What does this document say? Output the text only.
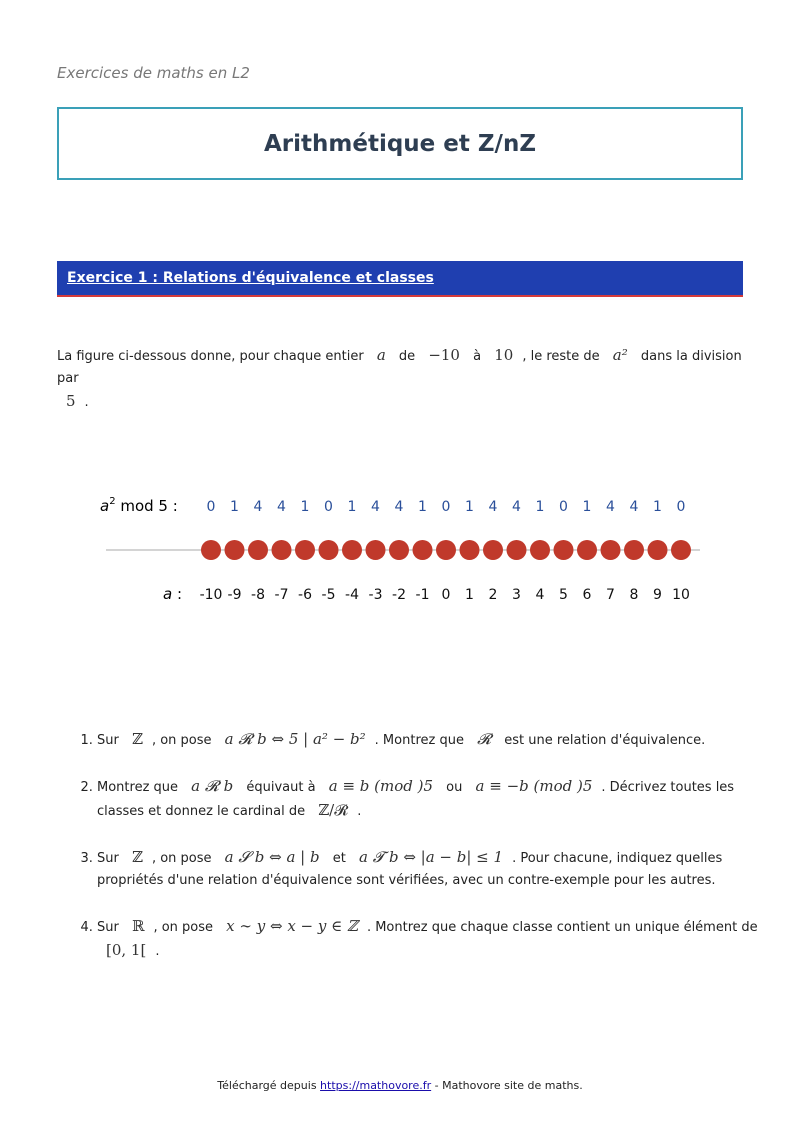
Exercices de maths en L2
Arithmétique et Z/nZ
Exercice 1 : Relations d'équivalence et classes
La figure ci-dessous donne, pour chaque entier a de −10 à 10 , le reste de a² dans la division par
5 .
$a^2$ mod 5 : 0 1 4 4 1 0 1 4 4 1 0 1 4 4 1 0 1 4 4 1 0
a : -10 -9 -8 -7 -6 -5 -4 -3 -2 -1 0 1 2 3 4 5 6 7 8 9 10
1. Sur ℤ , on pose a 𝓡 b ⇔ 5 | a² − b² . Montrez que 𝓡 est une relation d'équivalence.
2. Montrez que a 𝓡 b équivaut à a ≡ b (mod )5 ou a ≡ −b (mod )5 . Décrivez toutes les classes et donnez le cardinal de ℤ/𝓡 .
3. Sur ℤ , on pose a 𝓢 b ⇔ a | b et a 𝓣 b ⇔ |a − b| ≤ 1 . Pour chacune, indiquez quelles propriétés d'une relation d'équivalence sont vérifiées, avec un contre-exemple pour les autres.
4. Sur ℝ , on pose x ∼ y ⇔ x − y ∈ ℤ . Montrez que chaque classe contient un unique élément de [0, 1[ .
Téléchargé depuis https://mathovore.fr - Mathovore site de maths.
